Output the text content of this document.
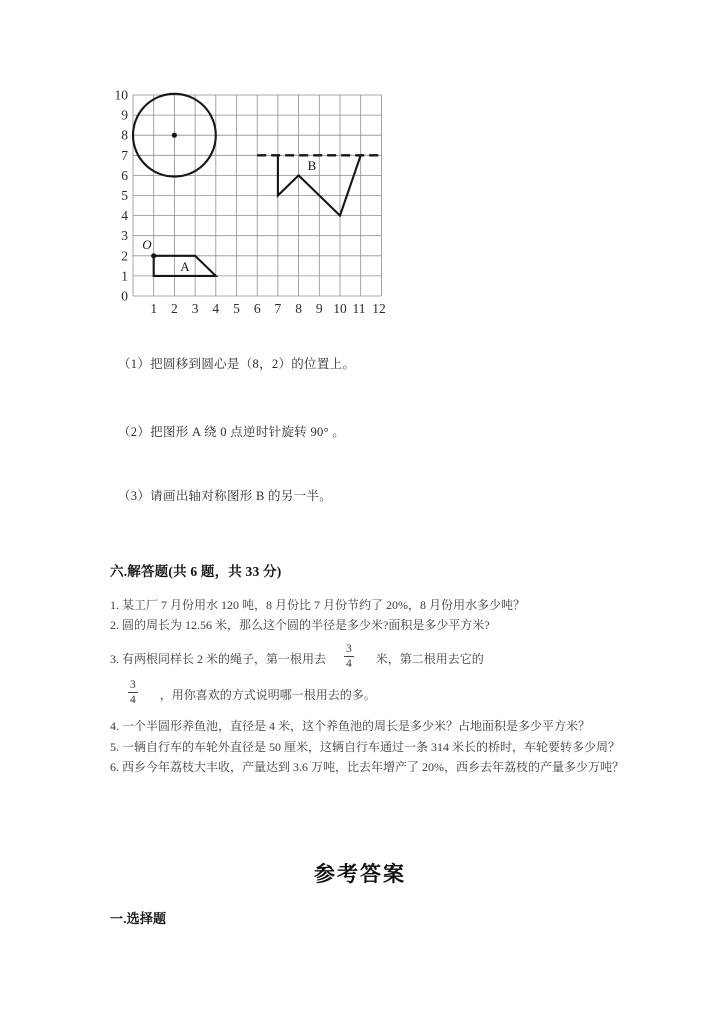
O
A
B
0
1
2
3
4
5
6
7
8
9
10
1 2 3 4 5 6 7 8 9 10 11 12
（1）把圆移到圆心是（8，2）的位置上。
（2）把图形 A 绕 0 点逆时针旋转 90° 。
（3）请画出轴对称图形 B 的另一半。
六.解答题(共 6 题，共 33 分)

1. 某工厂 7 月份用水 120 吨，8 月份比 7 月份节约了 20%，8 月份用水多少吨？

2. 圆的周长为 12.56 米，那么这个圆的半径是多少米?面积是多少平方米?

3. 有两根同样长 2 米的绳子，第一根用去 $\frac{3}{4}$ 米，第二根用去它的

$\frac{3}{4}$ ，用你喜欢的方式说明哪一根用去的多。

4. 一个半圆形养鱼池，直径是 4 米，这个养鱼池的周长是多少米？占地面积是多少平方米？

5. 一辆自行车的车轮外直径是 50 厘米，这辆自行车通过一条 314 米长的桥时，车轮要转多少周？

6. 西乡今年荔枝大丰收，产量达到 3.6 万吨，比去年增产了 20%，西乡去年荔枝的产量多少万吨？

参考答案
一.选择题
